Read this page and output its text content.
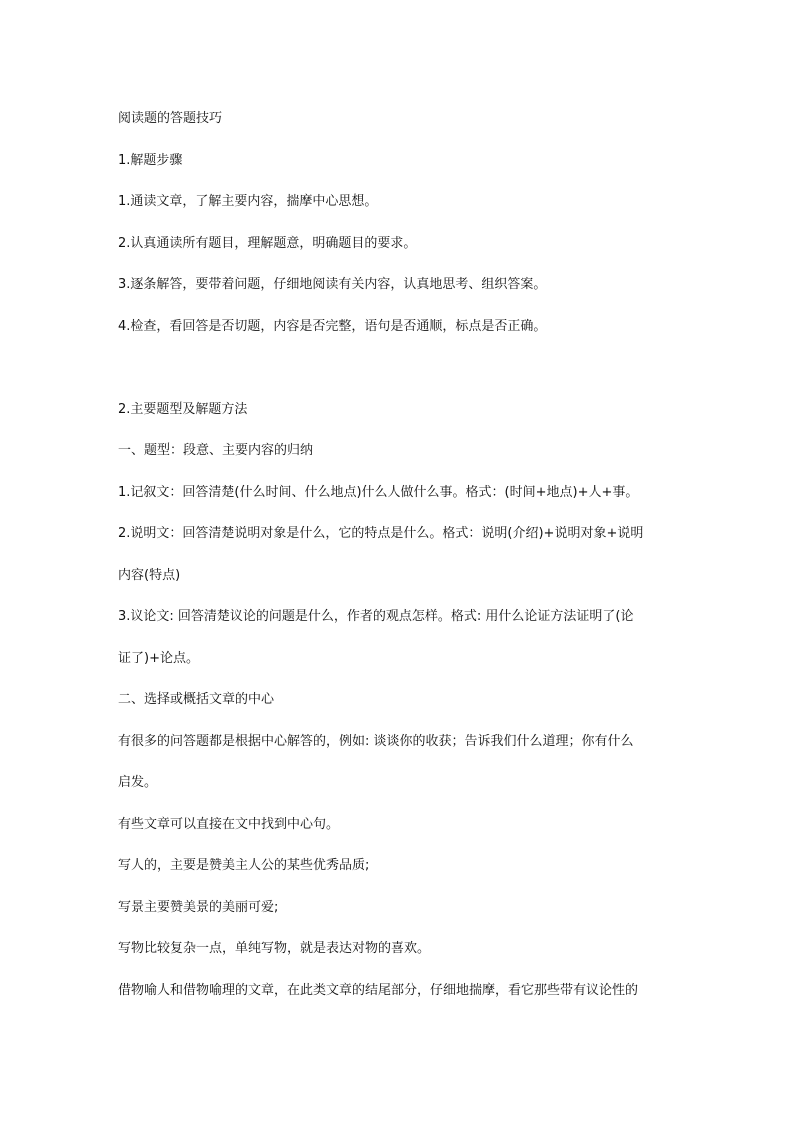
阅读题的答题技巧
1.解题步骤
1.通读文章，了解主要内容，揣摩中心思想。
2.认真通读所有题目，理解题意，明确题目的要求。
3.逐条解答，要带着问题，仔细地阅读有关内容，认真地思考、组织答案。
4.检查，看回答是否切题，内容是否完整，语句是否通顺，标点是否正确。
2.主要题型及解题方法
一、题型：段意、主要内容的归纳
1.记叙文：回答清楚(什么时间、什么地点)什么人做什么事。格式：(时间+地点)+人+事。
2.说明文：回答清楚说明对象是什么，它的特点是什么。格式：说明(介绍)+说明对象+说明
内容(特点)
3.议论文: 回答清楚议论的问题是什么，作者的观点怎样。格式: 用什么论证方法证明了(论
证了)+论点。
二、选择或概括文章的中心
有很多的问答题都是根据中心解答的，例如: 谈谈你的收获；告诉我们什么道理；你有什么
启发。
有些文章可以直接在文中找到中心句。
写人的，主要是赞美主人公的某些优秀品质;
写景主要赞美景的美丽可爱;
写物比较复杂一点，单纯写物，就是表达对物的喜欢。
借物喻人和借物喻理的文章，在此类文章的结尾部分，仔细地揣摩，看它那些带有议论性的
